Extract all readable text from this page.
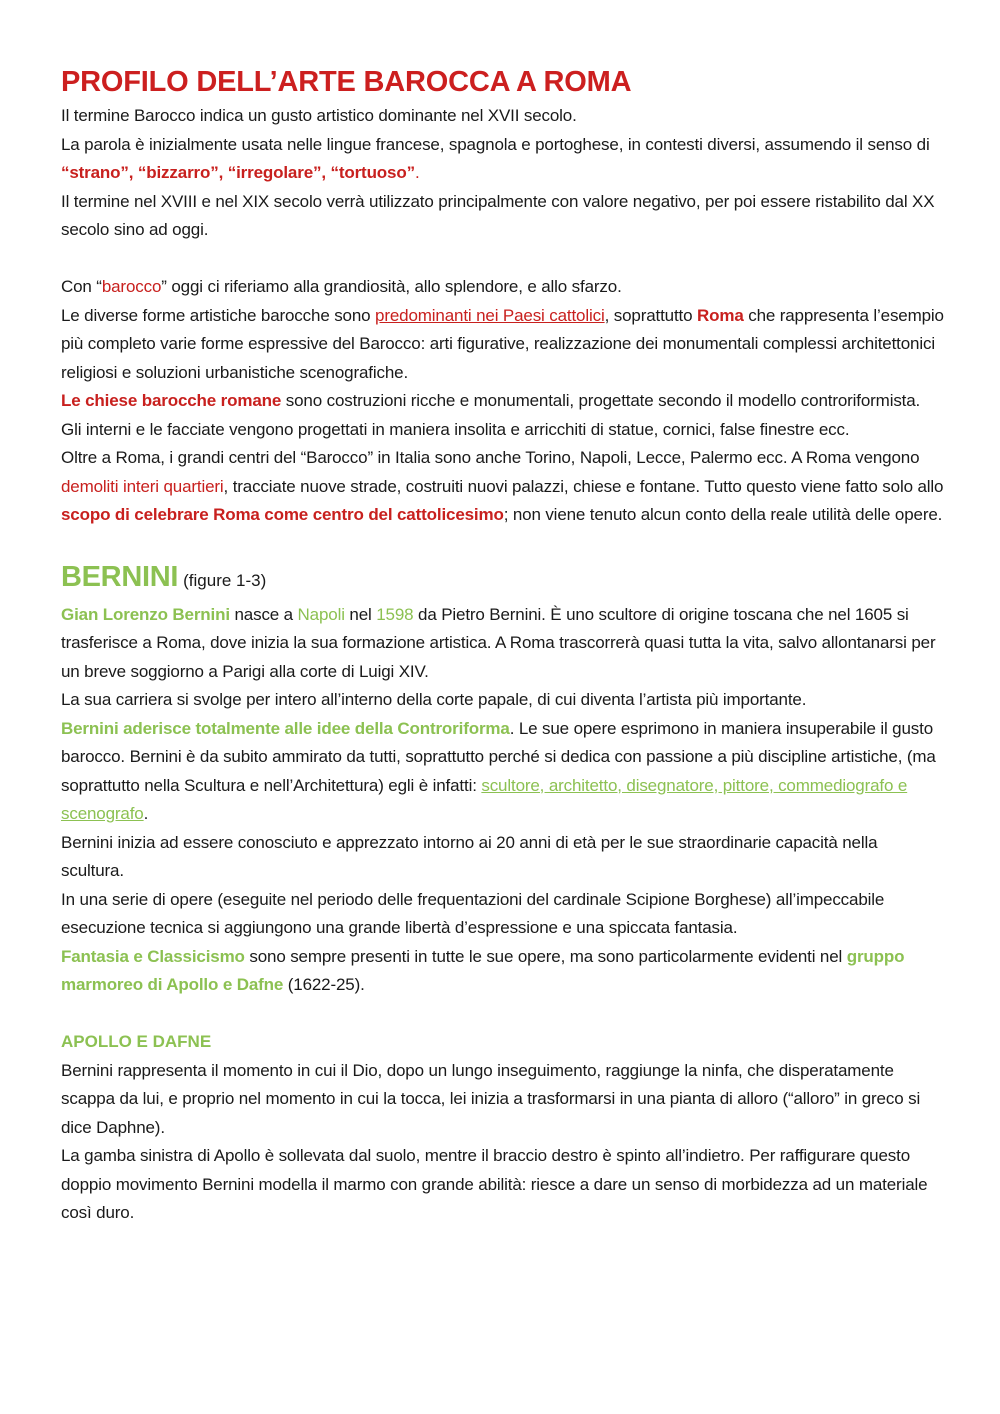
PROFILO DELL’ARTE BAROCCA A ROMA

Il termine Barocco indica un gusto artistico dominante nel XVII secolo.

La parola è inizialmente usata nelle lingue francese, spagnola e portoghese, in contesti diversi, assumendo il senso di “strano”, “bizzarro”, “irregolare”, “tortuoso”.

Il termine nel XVIII e nel XIX secolo verrà utilizzato principalmente con valore negativo, per poi essere ristabilito dal XX secolo sino ad oggi.

Con “barocco” oggi ci riferiamo alla grandiosità, allo splendore, e allo sfarzo.

Le diverse forme artistiche barocche sono predominanti nei Paesi cattolici, soprattutto Roma che rappresenta l’esempio più completo varie forme espressive del Barocco: arti figurative, realizzazione dei monumentali complessi architettonici religiosi e soluzioni urbanistiche scenografiche.

Le chiese barocche romane sono costruzioni ricche e monumentali, progettate secondo il modello controriformista. Gli interni e le facciate vengono progettati in maniera insolita e arricchiti di statue, cornici, false finestre ecc.

Oltre a Roma, i grandi centri del “Barocco” in Italia sono anche Torino, Napoli, Lecce, Palermo ecc. A Roma vengono demoliti interi quartieri, tracciate nuove strade, costruiti nuovi palazzi, chiese e fontane. Tutto questo viene fatto solo allo scopo di celebrare Roma come centro del cattolicesimo; non viene tenuto alcun conto della reale utilità delle opere.

BERNINI (figure 1-3)

Gian Lorenzo Bernini nasce a Napoli nel 1598 da Pietro Bernini. È uno scultore di origine toscana che nel 1605 si trasferisce a Roma, dove inizia la sua formazione artistica. A Roma trascorrerà quasi tutta la vita, salvo allontanarsi per un breve soggiorno a Parigi alla corte di Luigi XIV.

La sua carriera si svolge per intero all’interno della corte papale, di cui diventa l’artista più importante.

Bernini aderisce totalmente alle idee della Controriforma. Le sue opere esprimono in maniera insuperabile il gusto barocco. Bernini è da subito ammirato da tutti, soprattutto perché si dedica con passione a più discipline artistiche, (ma soprattutto nella Scultura e nell’Architettura) egli è infatti: scultore, architetto, disegnatore, pittore, commediografo e scenografo.

Bernini inizia ad essere conosciuto e apprezzato intorno ai 20 anni di età per le sue straordinarie capacità nella scultura.

In una serie di opere (eseguite nel periodo delle frequentazioni del cardinale Scipione Borghese) all’impeccabile esecuzione tecnica si aggiungono una grande libertà d’espressione e una spiccata fantasia.

Fantasia e Classicismo sono sempre presenti in tutte le sue opere, ma sono particolarmente evidenti nel gruppo marmoreo di Apollo e Dafne (1622-25).

APOLLO E DAFNE

Bernini rappresenta il momento in cui il Dio, dopo un lungo inseguimento, raggiunge la ninfa, che disperatamente scappa da lui, e proprio nel momento in cui la tocca, lei inizia a trasformarsi in una pianta di alloro (“alloro” in greco si dice Daphne).

La gamba sinistra di Apollo è sollevata dal suolo, mentre il braccio destro è spinto all’indietro. Per raffigurare questo doppio movimento Bernini modella il marmo con grande abilità: riesce a dare un senso di morbidezza ad un materiale così duro.
